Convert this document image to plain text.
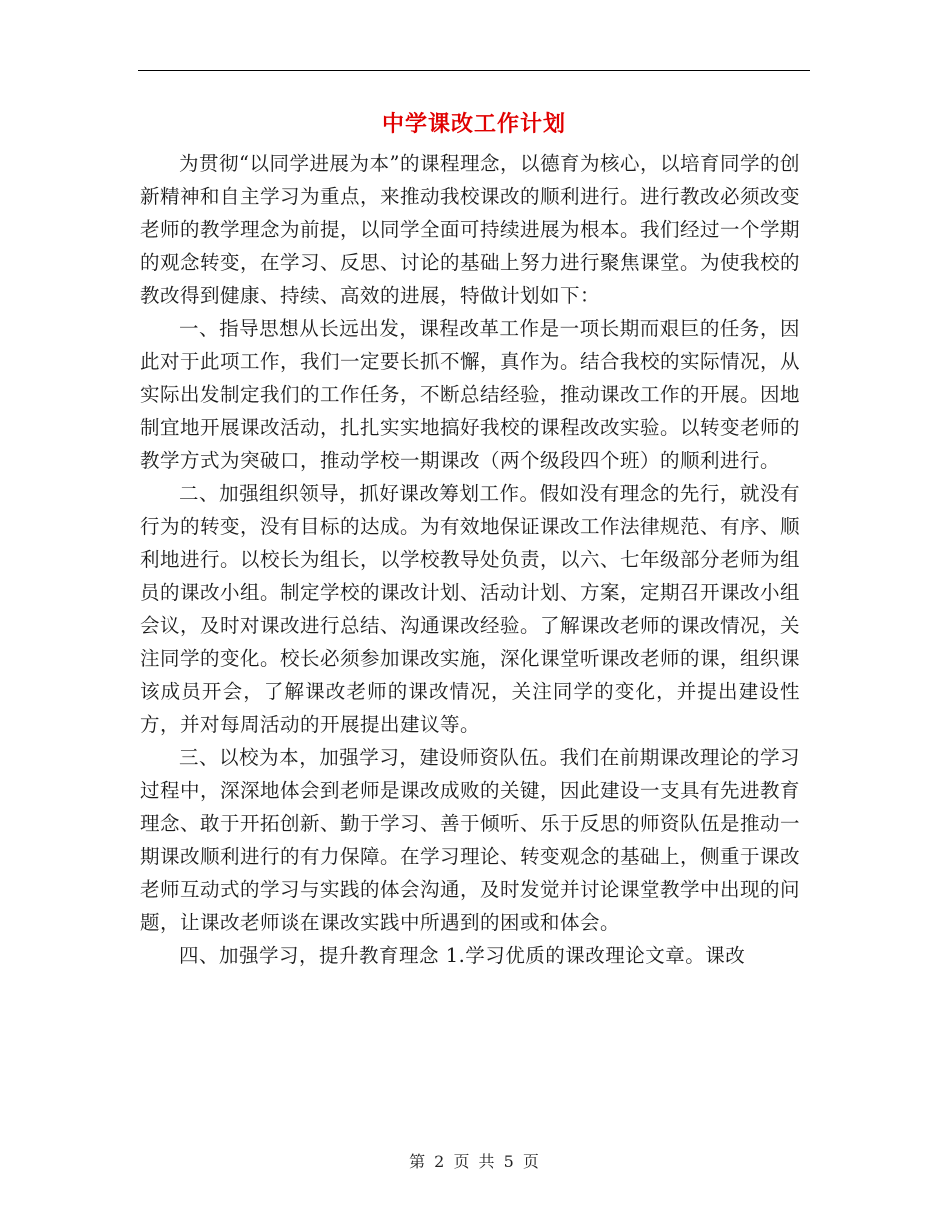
中学课改工作计划

为贯彻“以同学进展为本”的课程理念，以德育为核心，以培育同学的创新精神和自主学习为重点，来推动我校课改的顺利进行。进行教改必须改变老师的教学理念为前提，以同学全面可持续进展为根本。我们经过一个学期的观念转变，在学习、反思、讨论的基础上努力进行聚焦课堂。为使我校的教改得到健康、持续、高效的进展，特做计划如下：

一、指导思想从长远出发，课程改革工作是一项长期而艰巨的任务，因此对于此项工作，我们一定要长抓不懈，真作为。结合我校的实际情况，从实际出发制定我们的工作任务，不断总结经验，推动课改工作的开展。因地制宜地开展课改活动，扎扎实实地搞好我校的课程改改实验。以转变老师的教学方式为突破口，推动学校一期课改（两个级段四个班）的顺利进行。

二、加强组织领导，抓好课改筹划工作。假如没有理念的先行，就没有行为的转变，没有目标的达成。为有效地保证课改工作法律规范、有序、顺利地进行。以校长为组长，以学校教导处负责，以六、七年级部分老师为组员的课改小组。制定学校的课改计划、活动计划、方案，定期召开课改小组会议，及时对课改进行总结、沟通课改经验。了解课改老师的课改情况，关注同学的变化。校长必须参加课改实施，深化课堂听课改老师的课，组织课该成员开会，了解课改老师的课改情况，关注同学的变化，并提出建设性方，并对每周活动的开展提出建议等。

三、以校为本，加强学习，建设师资队伍。我们在前期课改理论的学习过程中，深深地体会到老师是课改成败的关键，因此建设一支具有先进教育理念、敢于开拓创新、勤于学习、善于倾听、乐于反思的师资队伍是推动一期课改顺利进行的有力保障。在学习理论、转变观念的基础上，侧重于课改老师互动式的学习与实践的体会沟通，及时发觉并讨论课堂教学中出现的问题，让课改老师谈在课改实践中所遇到的困或和体会。

四、加强学习，提升教育理念 1.学习优质的课改理论文章。课改

第 2 页 共 5 页
